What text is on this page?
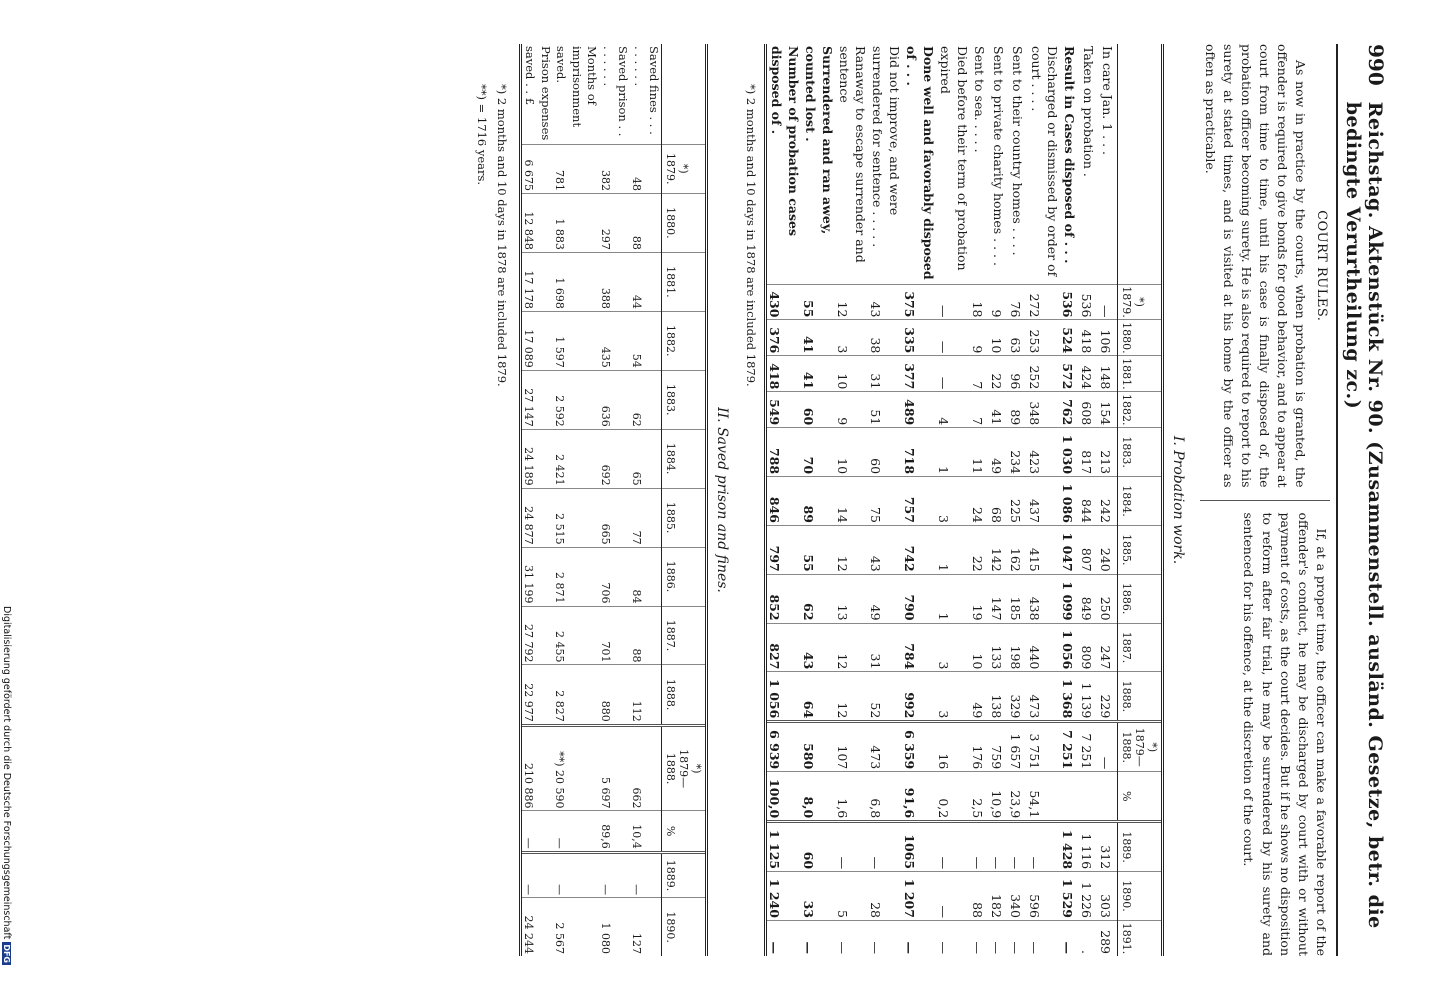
990
Reichstag. Aktenstück Nr. 90. (Zusammenstell. ausländ. Gesetze, betr. die bedingte Verurtheilung zc.)
COURT RULES.

As now in practice by the courts, when probation is granted, the offender is required to give bonds for good behavior, and to appear at court from time to time, until his case is finally disposed of, the probation officer becoming surety. He is also required to report to his surety at stated times, and is visited at his home by the officer as often as practicable.

If, at a proper time, the officer can make a favorable report of the offender's conduct, he may be discharged by court with or without payment of costs, as the court decides. But if he shows no disposition to reform after fair trial, he may be surrendered by his surety and sentenced for his offence, at the discretion of the court.

I. Probation work.
	*)
1879.	1880.	1881.	1882.	1883.	1884.	1885.	1886.	1887.	1888.	*)
1879—
1888.	%	1889.	1890.	1891.
In care Jan. 1 . . .	—	106	148	154	213	242	240	250	247	229	—		312	303	289
Taken on probation .	536	418	424	608	817	844	807	849	809	1 139	7 251		1 116	1 226	.
Result in Cases disposed of . . .	536	524	572	762	1 030	1 086	1 047	1 099	1 056	1 368	7 251		1 428	1 529	—
Discharged or dismissed by order of court . . . .	272	253	252	348	423	437	415	438	440	473	3 751	54,1	—	596	—
Sent to their country homes . . . .	76	63	96	89	234	225	162	185	198	329	1 657	23,9	—	340	—
Sent to private charity homes . . . .	9	10	22	41	49	68	142	147	133	138	759	10,9	—	182	—
Sent to sea. . . . .	18	9	7	7	11	24	22	19	10	49	176	2,5	—	88	—
Died before their term of probation expired	—	—	—	4	1	3	1	1	3	3	16	0,2	—	—	—
Done well and favorably disposed of . . .	375	335	377	489	718	757	742	790	784	992	6 359	91,6	1065	1 207	—
Did not improve, and were surrendered for sentence . . . . .	43	38	31	51	60	75	43	49	31	52	473	6,8	—	28	—
Ranaway to escape surrender and sentence	12	3	10	9	10	14	12	13	12	12	107	1,6	—	5	—
Surrendered and ran awey, counted lost .	55	41	41	60	70	89	55	62	43	64	580	8,0	60	33	—
Number of probation cases disposed of .	430	376	418	549	788	846	797	852	827	1 056	6 939	100,0	1 125	1 240	—
*) 2 months and 10 days in 1878 are included 1879.
II. Saved prison and fines.
	*)
1879.	1880.	1881.	1882.	1883.	1884.	1885.	1886.	1887.	1888.	*)
1879—
1888.	%	1889.	1890.
Saved fines . . . . . . . . .	48	88	44	54	62	65	77	84	88	112	662	10,4	—	127
Saved prison . . . . . . . .	382	297	388	435	636	692	665	706	701	880	5 697	89,6	—	1 080
Months of imprisonment saved.	781	1 883	1 698	1 597	2 592	2 421	2 515	2 871	2 455	2 827	**) 20 590	—	—	2 567
Prison expenses saved . . £	6 675	12 848	17 178	17 089	27 147	24 189	24 877	31 199	27 792	22 977	210 886	—	—	24 244
*) 2 months and 10 days in 1878 are included 1879.
**) = 1716 years.
Digitalisierung gefördert durch die Deutsche ForschungsgemeinschaftDFG
